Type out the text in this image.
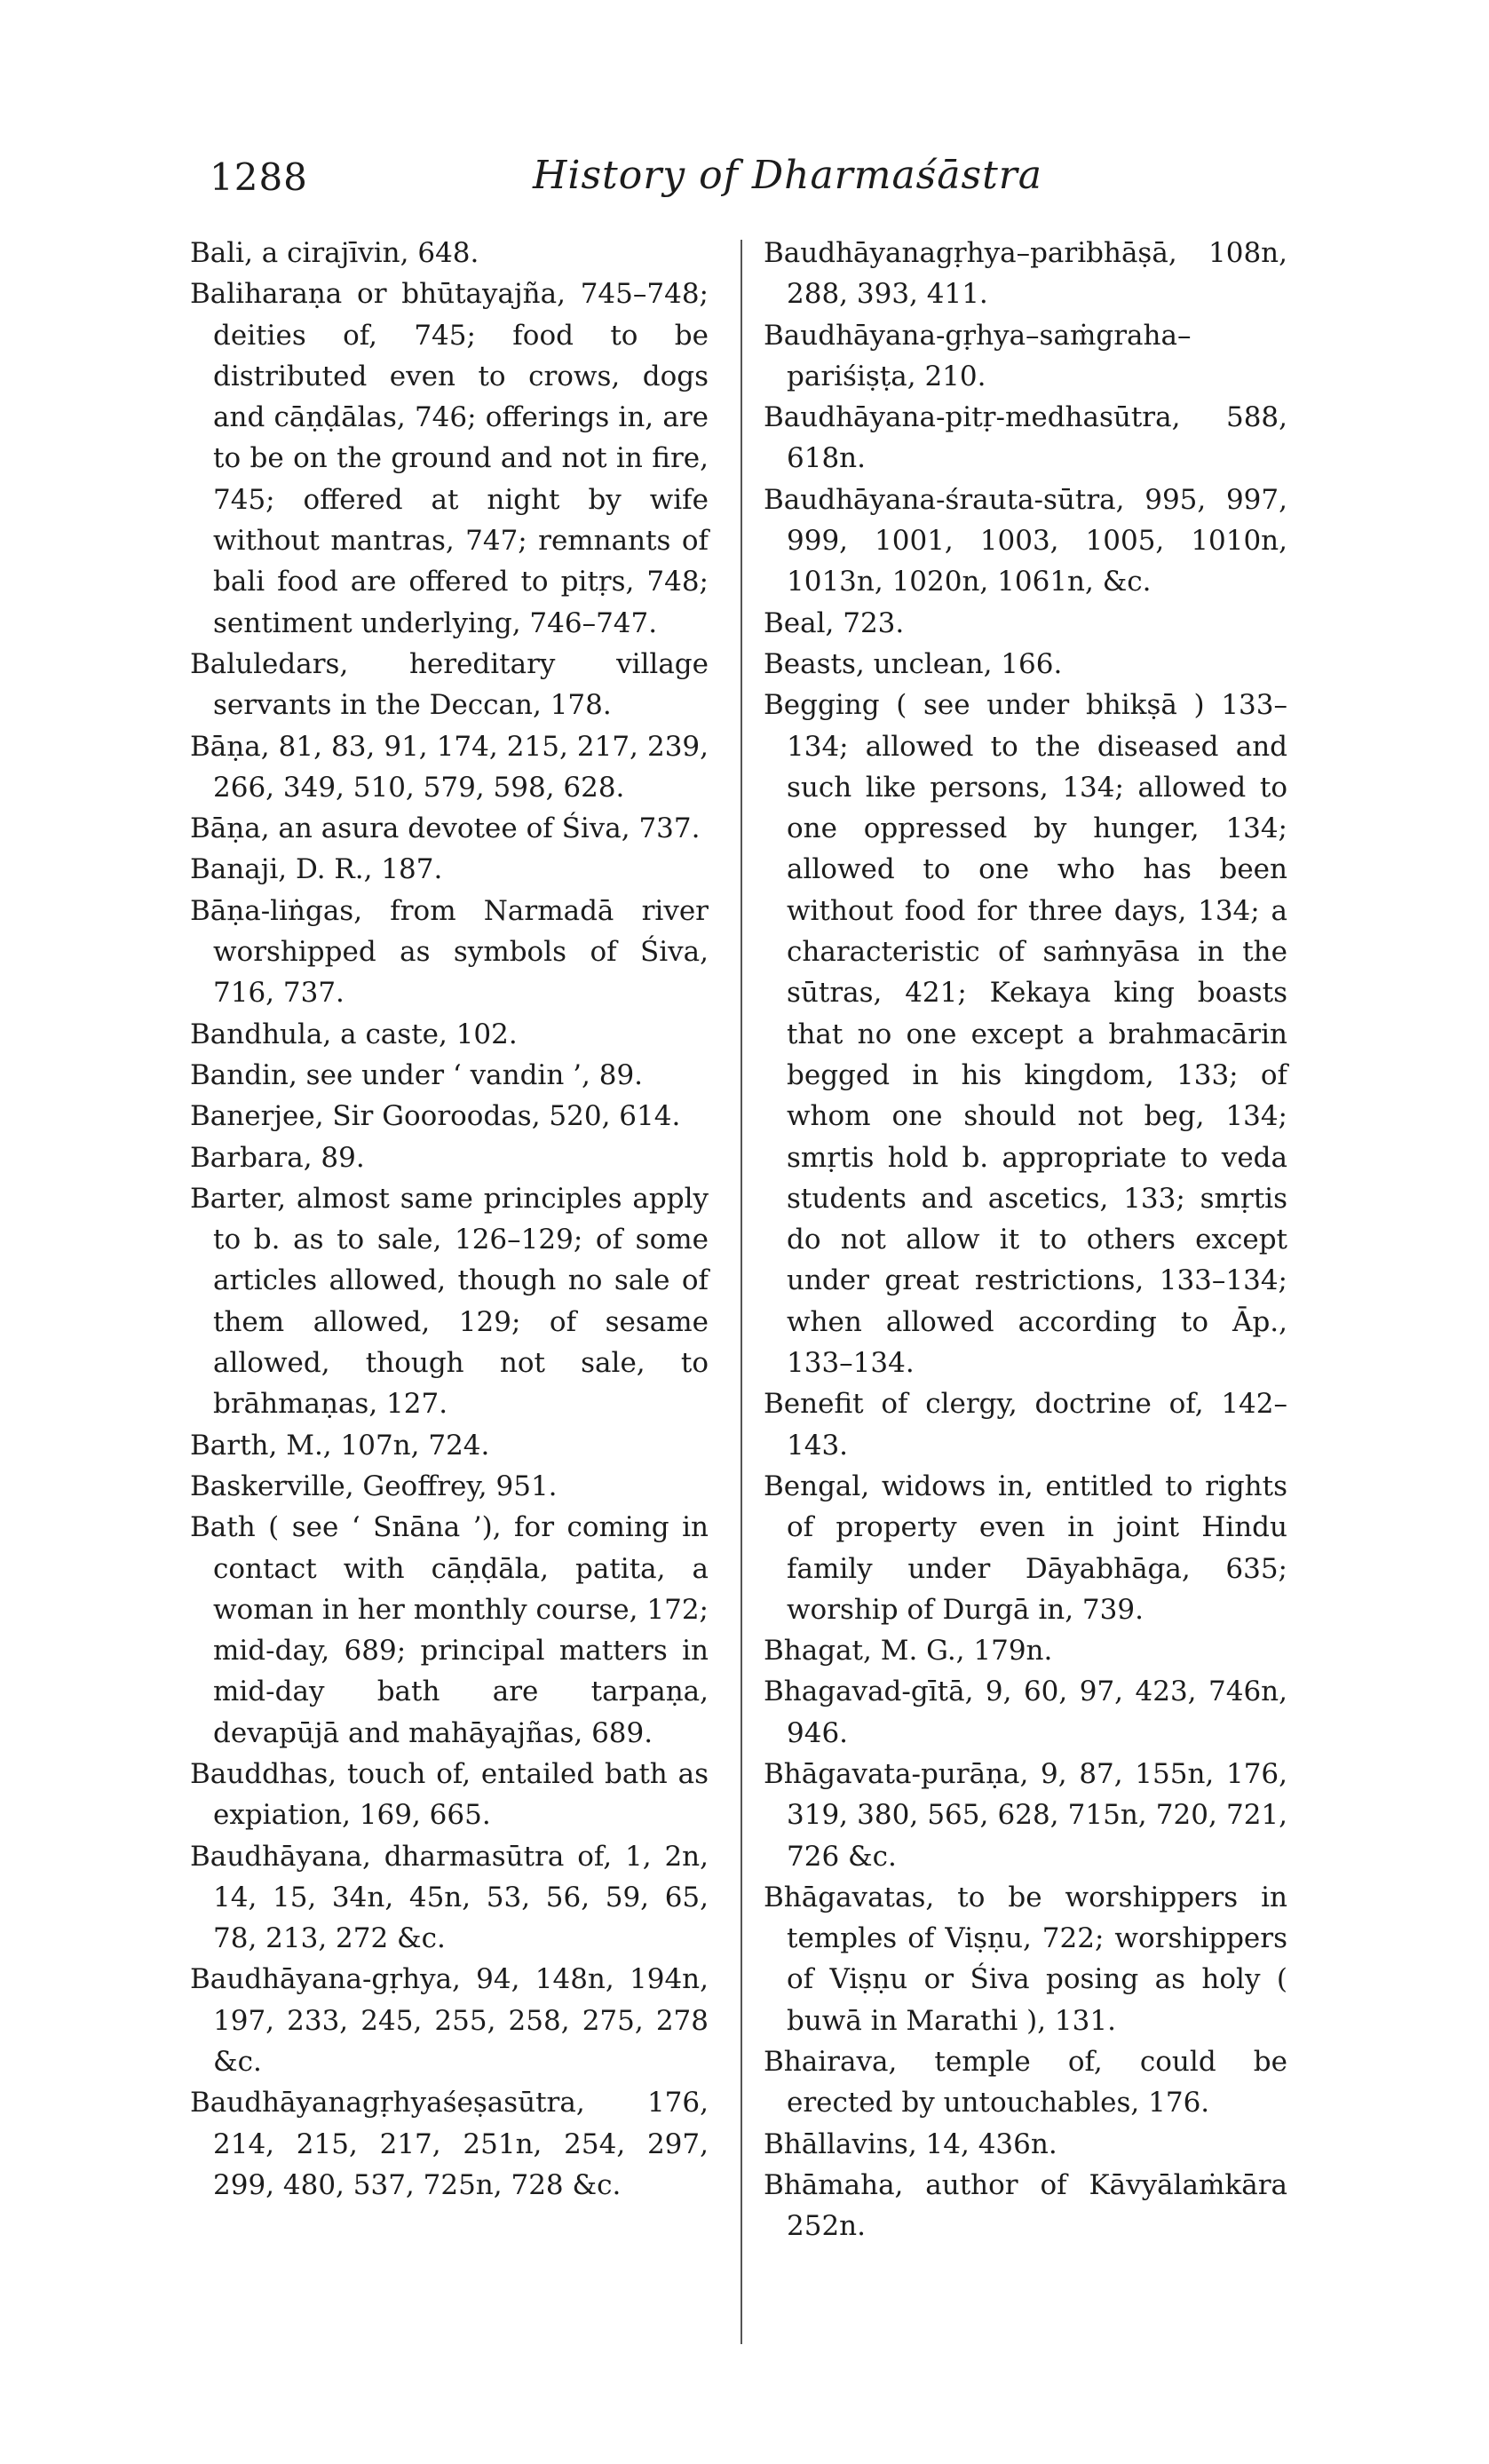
1288	History of Dharmaśāstra
Bali, a cirajīvin, 648.
Baliharaṇa or bhūtayajña, 745–748; deities of, 745; food to be distributed even to crows, dogs and cāṇḍālas, 746; offerings in, are to be on the ground and not in fire, 745; offered at night by wife without mantras, 747; remnants of bali food are offered to pitṛs, 748; sentiment underlying, 746–747.
Baluledars, hereditary village servants in the Deccan, 178.
Bāṇa, 81, 83, 91, 174, 215, 217, 239, 266, 349, 510, 579, 598, 628.
Bāṇa, an asura devotee of Śiva, 737.
Banaji, D. R., 187.
Bāṇa-liṅgas, from Narmadā river worshipped as symbols of Śiva, 716, 737.
Bandhula, a caste, 102.
Bandin, see under ‘ vandin ’, 89.
Banerjee, Sir Gooroodas, 520, 614.
Barbara, 89.
Barter, almost same principles apply to b. as to sale, 126–129; of some articles allowed, though no sale of them allowed, 129; of sesame allowed, though not sale, to brāhmaṇas, 127.
Barth, M., 107n, 724.
Baskerville, Geoffrey, 951.
Bath ( see ‘ Snāna ’), for coming in contact with cāṇḍāla, patita, a woman in her monthly course, 172; mid-day, 689; principal matters in mid-day bath are tarpaṇa, devapūjā and mahāyajñas, 689.
Bauddhas, touch of, entailed bath as expiation, 169, 665.
Baudhāyana, dharmasūtra of, 1, 2n, 14, 15, 34n, 45n, 53, 56, 59, 65, 78, 213, 272 &c.
Baudhāyana-gṛhya, 94, 148n, 194n, 197, 233, 245, 255, 258, 275, 278 &c.
Baudhāyanagṛhyaśeṣasūtra, 176, 214, 215, 217, 251n, 254, 297, 299, 480, 537, 725n, 728 &c.
Baudhāyanagṛhya–paribhāṣā, 108n, 288, 393, 411.
Baudhāyana-gṛhya–saṁgraha–pariśiṣṭa, 210.
Baudhāyana-pitṛ-medhasūtra, 588, 618n.
Baudhāyana-śrauta-sūtra, 995, 997, 999, 1001, 1003, 1005, 1010n, 1013n, 1020n, 1061n, &c.
Beal, 723.
Beasts, unclean, 166.
Begging ( see under bhikṣā ) 133–134; allowed to the diseased and such like persons, 134; allowed to one oppressed by hunger, 134; allowed to one who has been without food for three days, 134; a characteristic of saṁnyāsa in the sūtras, 421; Kekaya king boasts that no one except a brahmacārin begged in his kingdom, 133; of whom one should not beg, 134; smṛtis hold b. appropriate to veda students and ascetics, 133; smṛtis do not allow it to others except under great restrictions, 133–134; when allowed according to Āp., 133–134.
Benefit of clergy, doctrine of, 142–143.
Bengal, widows in, entitled to rights of property even in joint Hindu family under Dāyabhāga, 635; worship of Durgā in, 739.
Bhagat, M. G., 179n.
Bhagavad-gītā, 9, 60, 97, 423, 746n, 946.
Bhāgavata-purāṇa, 9, 87, 155n, 176, 319, 380, 565, 628, 715n, 720, 721, 726 &c.
Bhāgavatas, to be worshippers in temples of Viṣṇu, 722; worshippers of Viṣṇu or Śiva posing as holy ( buwā in Marathi ), 131.
Bhairava, temple of, could be erected by untouchables, 176.
Bhāllavins, 14, 436n.
Bhāmaha, author of Kāvyālaṁkāra 252n.
